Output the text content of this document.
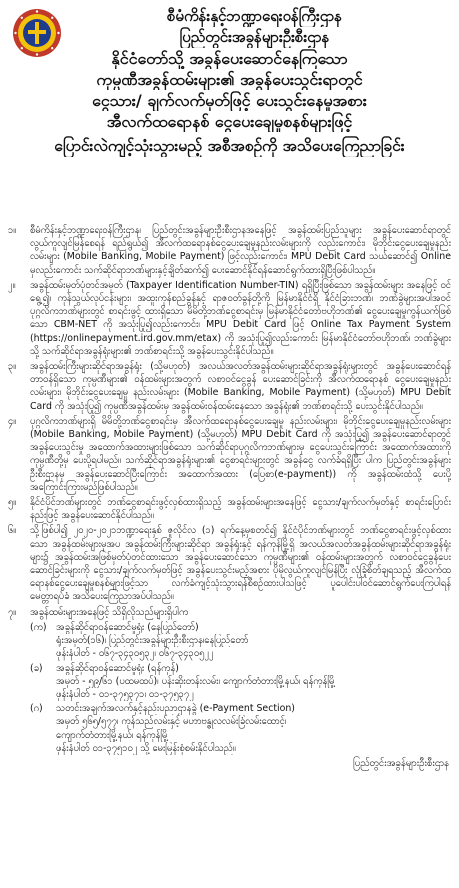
စီမံကိန်းနှင့်ဘဏ္ဍာရေးဝန်ကြီးဌာန

ပြည်တွင်းအခွန်များဦးစီးဌာန

နိုင်ငံတော်သို့ အခွန်ပေးဆောင်နေကြသော

ကုမ္ပဏီအခွန်ထမ်းများ၏ အခွန်ပေးသွင်းရာတွင်

ငွေသား/ ချက်လက်မှတ်ဖြင့် ပေးသွင်းနေမှုအစား

အီလက်ထရောနစ် ငွေပေးချေမှုစနစ်များဖြင့်

ပြောင်းလဲကျင့်သုံးသွားမည့် အစီအစဉ်ကို အသိပေးကြေညာခြင်း

၁။	စီမံကိန်းနှင့်ဘဏ္ဍာရေးဝန်ကြီးဌာန၊ ပြည်တွင်းအခွန်များဦးစီးဌာနအနေဖြင့် အခွန်ထမ်းပြည်သူများ အခွန်ပေးဆောင်ရာတွင် လွယ်ကူလျင်မြန်စေရန် ရည်ရွယ်၍ အီလက်ထရောနစ်ငွေပေးချေမှုနည်းလမ်းများကို လည်းကောင်း၊ မိုဘိုင်းငွေပေးချေမှုနည်းလမ်းများ (Mobile Banking, Mobile Payment) ဖြင့်လည်းကောင်း၊ MPU Debit Card သယ်ဆောင်၍ Online မှလည်းကောင်း သက်ဆိုင်ရာဘဏ်များနှင့်ချိတ်ဆက်၍ ပေးဆောင်နိုင်ရန်ဆောင်ရွက်ထားရှိပြီးဖြစ်ပါသည်။
၂။	အခွန်ထမ်းမှတ်ပုံတင်အမှတ် (Taxpayer Identification Number-TIN) ရရှိပြီးဖြစ်သော အခွန်ထမ်းများ အနေဖြင့် ဝင်ရွေ့၍၊ ကုန်သွယ်လုပ်ငန်းများ၊ အထူးကုန်စည်ခွန်နှင့် ရာဇဝတ်ခွန်တို့ကို မြန်မာနိုင်ငံရှိ နိုင်ငံခြားဘဏ်၊ ဘဏ်ခွဲများအပါအဝင် ပုဂ္ဂလိကဘဏ်များတွင် စာရင်းဖွင့် ထားရှိသော မိမိတို့ဘဏ်ငွေစာရင်းမှ မြန်မာနိုင်ငံတော်ဗဟိုဘဏ်၏ ငွေပေးချေမှုကွန်ယက်ဖြစ်သော CBM-NET ကို အသုံးပြု၍လည်းကောင်း၊ MPU Debit Card ဖြင့် Online Tax Payment System (https://onlinepayment.ird.gov.mm/etax) ကို အသုံးပြု၍လည်းကောင်း မြန်မာနိုင်ငံတော်ဗဟိုဘဏ်၊ ဘဏ်ခွဲများသို့ သက်ဆိုင်ရာအခွန်ရုံးများ၏ ဘဏ်စာရင်းသို့ အခွန်ပေးသွင်းနိုင်ပါသည်။
၃။	အခွန်ထမ်းကြီးများဆိုင်ရာအခွန်ရုံး (သို့မဟုတ်) အလယ်အလတ်အခွန်ထမ်းများဆိုင်ရာအခွန်ရုံးများတွင် အခွန်ပေးဆောင်ရန်တာဝန်ရှိသော ကုမ္ပဏီများ၏ ဝန်ထမ်းများအတွက် လစာဝင်ငွေခွန် ပေးဆောင်ခြင်းကို အီလက်ထရောနစ် ငွေပေးချေမှုနည်းလမ်းများ၊ မိုဘိုင်းငွေပေးချေမှု နည်းလမ်းများ (Mobile Banking, Mobile Payment) (သို့မဟုတ်) MPU Debit Card ကို အသုံးပြု၍ ကုမ္ပဏီအခွန်ထမ်းမှ အခွန်ထမ်းဝန်ထမ်းနေသော အခွန်ရုံး၏ ဘဏ်စာရင်းသို့ ပေးသွင်းနိုင်ပါသည်။
၄။	ပုဂ္ဂလိကဘဏ်များရှိ မိမိတို့ဘဏ်ငွေစာရင်းမှ အီလက်ထရောနစ်ငွေပေးချေမှု နည်းလမ်းများ၊ မိုဘိုင်းငွေပေးချေမှုနည်းလမ်းများ (Mobile Banking, Mobile Payment) (သို့မဟုတ်) MPU Debit Card ကို အသုံးပြု၍ အခွန်ပေးဆောင်ရာတွင် အခွန်ပေးသွင်းမှု အထောက်အထားများဖြစ်သော သက်ဆိုင်ရာပုဂ္ဂလိကဘဏ်များမှ ငွေပေးသွင်းကြောင်း အထောက်အထားကို ကုမ္ပဏီတို့မှ ပေးပို့ရပါမည်။ သက်ဆိုင်ရာအခွန်ရုံးများ၏ ငွေစာရင်းများတွင် အခွန်ငွေ လက်ခံရရှိပြီး ပါက ပြည်တွင်းအခွန်များဦးစီးဌာနမှ အခွန်ပေးဆောင်ပြီးကြောင်း အထောက်အထား (ပြေစာ(e-payment)) ကို အခွန်ထမ်းထံသို့ ပေးပို့အကြောင်းကြားမည်ဖြစ်ပါသည်။
၅။	နိုင်ငံပိုင်ဘဏ်များတွင် ဘဏ်ငွေစာရင်းဖွင့်လှစ်ထားရှိသည့် အခွန်ထမ်းများအနေဖြင့် ငွေသား/ချက်လက်မှတ်နှင့် စာရင်းပြောင်းနည်းဖြင့် အခွန်ပေးဆောင်နိုင်ပါသည်။
၆။	သို့ဖြစ်ပါ၍ ၂၀၂၀-၂၀၂၁ဘဏ္ဍာရေးနှစ် ဇူလိုင်လ (၁) ရက်နေ့မှစတင်၍ နိုင်ငံပိုင်ဘဏ်များတွင် ဘဏ်ငွေစာရင်းဖွင့်လှစ်ထားသော အခွန်ထမ်းများမှအပ အခွန်ထမ်းကြီးများဆိုင်ရာ အခွန်ရုံးနှင့် ရန်ကုန်မြို့ရှိ အလယ်အလတ်အခွန်ထမ်းများဆိုင်ရာအခွန်ရုံးများ၌ အခွန်ထမ်းအဖြစ်မှတ်ပုံတင်ထားသော အခွန်ပေးဆောင်သော ကုမ္ပဏီများ၏ ဝန်ထမ်းများအတွက် လစာဝင်ငွေခွန်ပေးဆောင်ခြင်းများကို ငွေသား/ချက်လက်မှတ်ဖြင့် အခွန်ပေးသွင်းမည့်အစား ပိုမိုလွယ်ကူလျင်မြန်ပြီး လုံခြုံစိတ်ချရသည့် အီလက်ထရောနစ်ငွေပေးချေမှုစနစ်များဖြင့်သာ လက်ခံကျင့်သုံးသွားရန်စီစဉ်ထားပါသဖြင့် ပူပေါင်းပါဝင်ဆောင်ရွက်ပေးကြပါရန် မေတ္တာရပ်ခံ အသိပေးကြေညာအပ်ပါသည်။
၇။	အခွန်ထမ်းများအနေဖြင့် သိရှိလိုသည်များရှိပါက
(က)	အခွန်ဆိုင်ရာဝန်ဆောင်မှုရုံး (နေပြည်တော်)
ရုံးအမှတ်(၁၆)၊ ပြည်တွင်းအခွန်များဦးစီးဌာန၊နေပြည်တော်
ဖုန်းနံပါတ် - ၀၆၇-၃၄၃၀၅၃၂၊ ၀၆၇-၃၄၃၀၅၂၂
(ခ)	အခွန်ဆိုင်ရာဝန်ဆောင်မှုရုံး (ရန်ကုန်)
အမှတ် - ၅၉/၆၁ (ပထမထပ်)၊ ပန်းဆိုးတန်းလမ်း၊ ကျောက်တံတားမြို့နယ်၊ ရန်ကုန်မြို့
ဖုန်းနံပါတ် - ၀၁-၃၇၅၃၇၁၊ ၀၁-၃၇၅၃၇၂
(ဂ)	သတင်းအချက်အလက်နှင့်နည်းပညာဌာနခွဲ (e-Payment Section)
အမှတ် ၅၆၅/၅၇၇၊ ကုန်သည်လမ်းနှင့် မဟာဗန္ဓုလလမ်းခြံလမ်းထောင့်၊
ကျောက်တံတားမြို့နယ်၊ ရန်ကုန်မြို့
ဖုန်းနံပါတ် ၀၁-၃၇၅၁၀၂ သို့ မေးမြန်းစုံစမ်းနိုင်ပါသည်။
ပြည်တွင်းအခွန်များဦးစီးဌာန
